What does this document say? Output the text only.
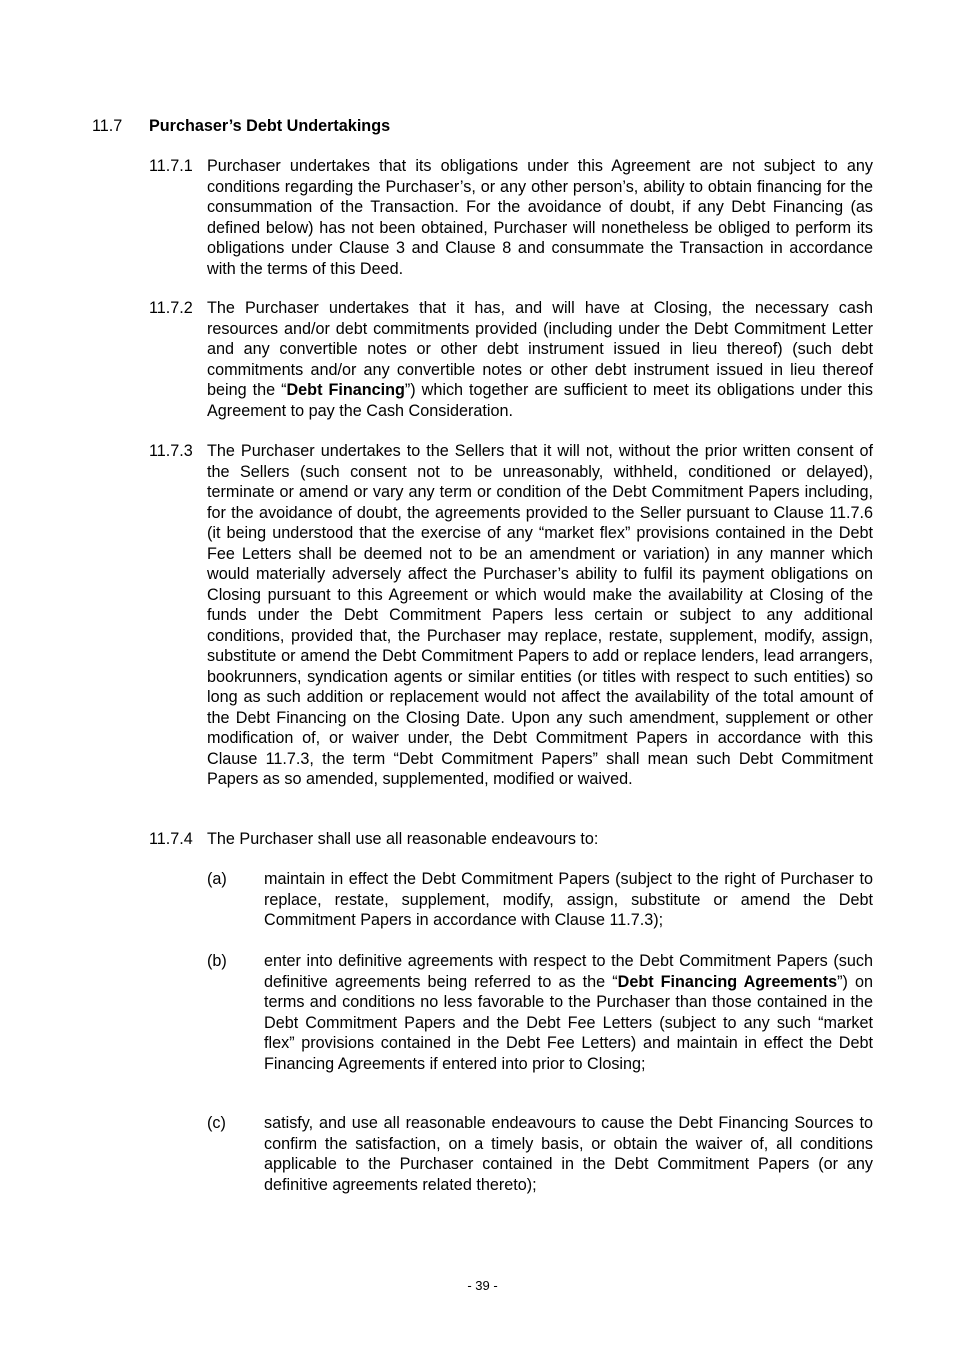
11.7 Purchaser’s Debt Undertakings
11.7.1 Purchaser undertakes that its obligations under this Agreement are not subject to any conditions regarding the Purchaser’s, or any other person’s, ability to obtain financing for the consummation of the Transaction. For the avoidance of doubt, if any Debt Financing (as defined below) has not been obtained, Purchaser will nonetheless be obliged to perform its obligations under Clause 3 and Clause 8 and consummate the Transaction in accordance with the terms of this Deed.
11.7.2 The Purchaser undertakes that it has, and will have at Closing, the necessary cash resources and/or debt commitments provided (including under the Debt Commitment Letter and any convertible notes or other debt instrument issued in lieu thereof) (such debt commitments and/or any convertible notes or other debt instrument issued in lieu thereof being the “Debt Financing”) which together are sufficient to meet its obligations under this Agreement to pay the Cash Consideration.
11.7.3 The Purchaser undertakes to the Sellers that it will not, without the prior written consent of the Sellers (such consent not to be unreasonably, withheld, conditioned or delayed), terminate or amend or vary any term or condition of the Debt Commitment Papers including, for the avoidance of doubt, the agreements provided to the Seller pursuant to Clause 11.7.6 (it being understood that the exercise of any “market flex” provisions contained in the Debt Fee Letters shall be deemed not to be an amendment or variation) in any manner which would materially adversely affect the Purchaser’s ability to fulfil its payment obligations on Closing pursuant to this Agreement or which would make the availability at Closing of the funds under the Debt Commitment Papers less certain or subject to any additional conditions, provided that, the Purchaser may replace, restate, supplement, modify, assign, substitute or amend the Debt Commitment Papers to add or replace lenders, lead arrangers, bookrunners, syndication agents or similar entities (or titles with respect to such entities) so long as such addition or replacement would not affect the availability of the total amount of the Debt Financing on the Closing Date. Upon any such amendment, supplement or other modification of, or waiver under, the Debt Commitment Papers in accordance with this Clause 11.7.3, the term “Debt Commitment Papers” shall mean such Debt Commitment Papers as so amended, supplemented, modified or waived.
11.7.4 The Purchaser shall use all reasonable endeavours to:
(a) maintain in effect the Debt Commitment Papers (subject to the right of Purchaser to replace, restate, supplement, modify, assign, substitute or amend the Debt Commitment Papers in accordance with Clause 11.7.3);
(b) enter into definitive agreements with respect to the Debt Commitment Papers (such definitive agreements being referred to as the “Debt Financing Agreements”) on terms and conditions no less favorable to the Purchaser than those contained in the Debt Commitment Papers and the Debt Fee Letters (subject to any such “market flex” provisions contained in the Debt Fee Letters) and maintain in effect the Debt Financing Agreements if entered into prior to Closing;
(c) satisfy, and use all reasonable endeavours to cause the Debt Financing Sources to confirm the satisfaction, on a timely basis, or obtain the waiver of, all conditions applicable to the Purchaser contained in the Debt Commitment Papers (or any definitive agreements related thereto);
- 39 -
